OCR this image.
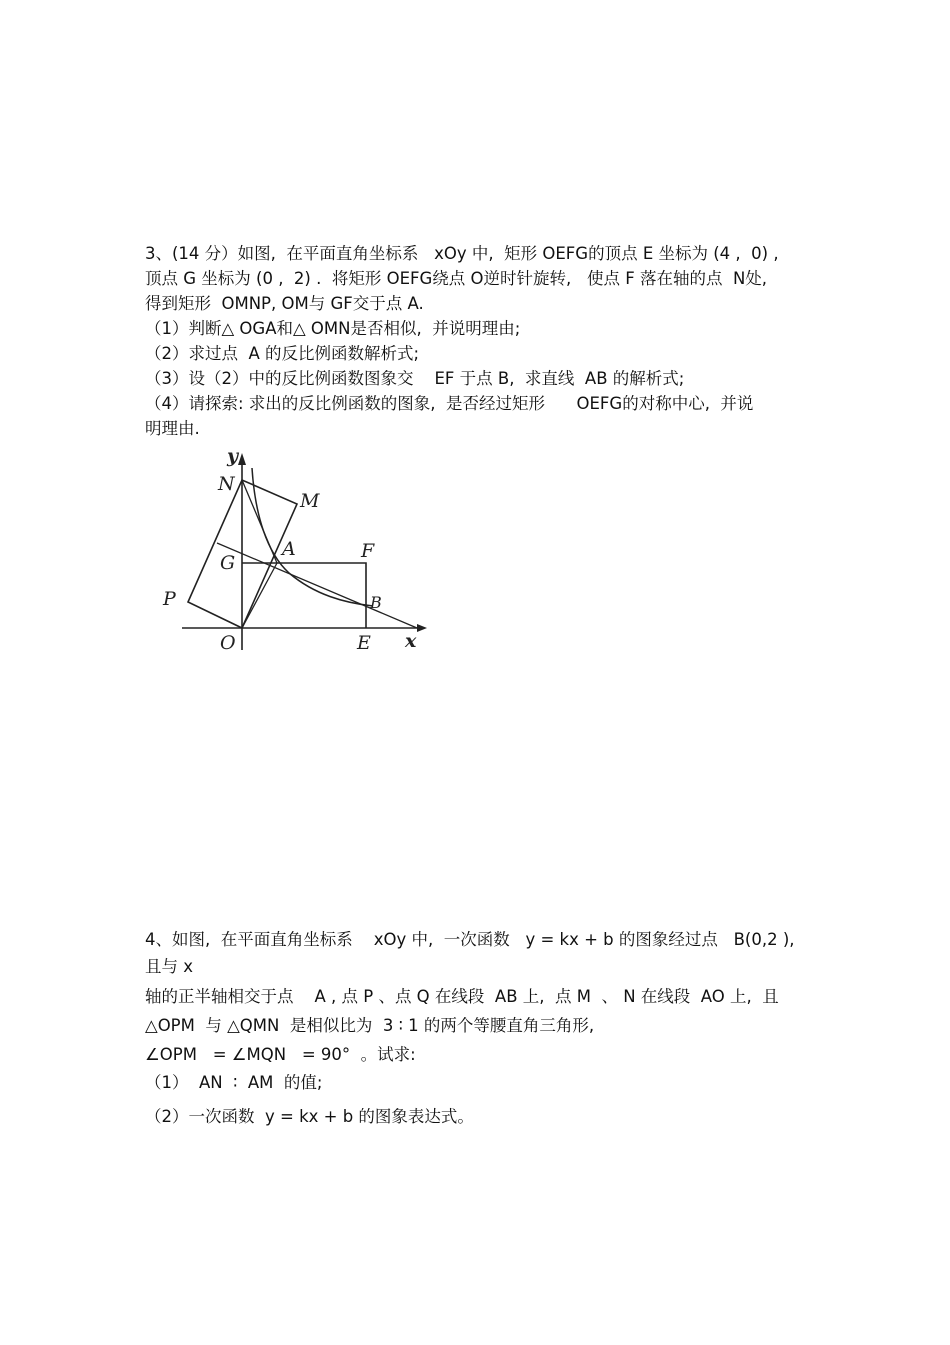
3、(14 分）如图,  在平面直角坐标系   xOy 中,  矩形 OEFG的顶点 E 坐标为 (4 ,  0) ,
顶点 G 坐标为 (0 ,  2) .  将矩形 OEFG绕点 O逆时针旋转,   使点 F 落在轴的点  N处,
得到矩形  OMNP, OM与 GF交于点 A.
（1）判断△ OGA和△ OMN是否相似,  并说明理由;
（2）求过点  A 的反比例函数解析式;
（3）设（2）中的反比例函数图象交    EF 于点 B,  求直线  AB 的解析式;
（4）请探索: 求出的反比例函数的图象,  是否经过矩形      OEFG的对称中心,  并说
明理由.
y
x
N
M
G
A	F
P	B
O	E
4、如图,  在平面直角坐标系    xOy 中,  一次函数   y = kx + b 的图象经过点   B(0,2 ),
且与 x
轴的正半轴相交于点    A , 点 P 、点 Q 在线段  AB 上,  点 M  、 N 在线段  AO 上,  且
△OPM  与 △QMN  是相似比为  3 ∶ 1 的两个等腰直角三角形,
∠OPM   = ∠MQN   = 90°  。试求:
（1）  AN  ∶  AM  的值;
（2）一次函数  y = kx + b 的图象表达式。
